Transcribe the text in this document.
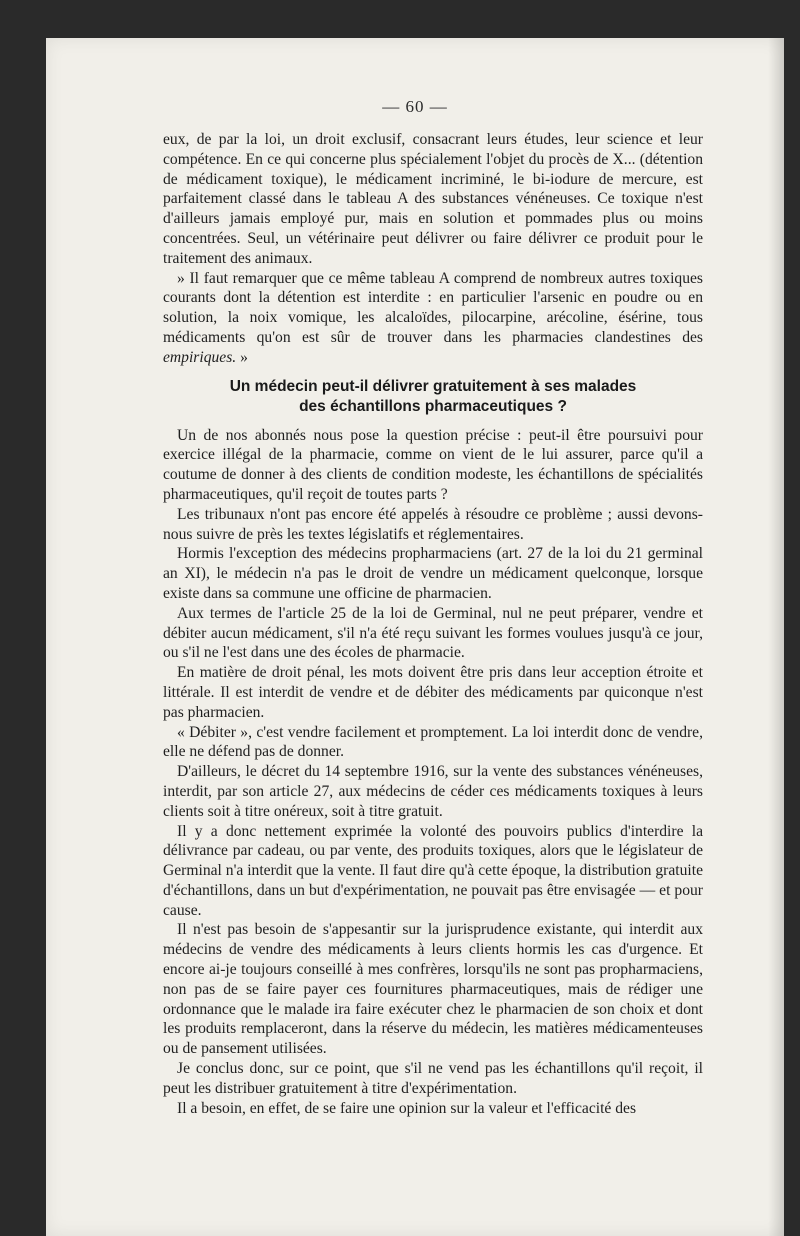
— 60 —

eux, de par la loi, un droit exclusif, consacrant leurs études, leur science et leur compétence. En ce qui concerne plus spécialement l'objet du procès de X... (détention de médicament toxique), le médicament incriminé, le bi-iodure de mercure, est parfaitement classé dans le tableau A des substances vénéneuses. Ce toxique n'est d'ailleurs jamais employé pur, mais en solution et pommades plus ou moins concentrées. Seul, un vétérinaire peut délivrer ou faire délivrer ce produit pour le traitement des animaux.

» Il faut remarquer que ce même tableau A comprend de nombreux autres toxiques courants dont la détention est interdite : en particulier l'arsenic en poudre ou en solution, la noix vomique, les alcaloïdes, pilocarpine, arécoline, ésérine, tous médicaments qu'on est sûr de trouver dans les pharmacies clandestines des empiriques. »

Un médecin peut-il délivrer gratuitement à ses malades
des échantillons pharmaceutiques ?

Un de nos abonnés nous pose la question précise : peut-il être poursuivi pour exercice illégal de la pharmacie, comme on vient de le lui assurer, parce qu'il a coutume de donner à des clients de condition modeste, les échantillons de spécialités pharmaceutiques, qu'il reçoit de toutes parts ?

Les tribunaux n'ont pas encore été appelés à résoudre ce problème ; aussi devons-nous suivre de près les textes législatifs et réglementaires.

Hormis l'exception des médecins propharmaciens (art. 27 de la loi du 21 germinal an XI), le médecin n'a pas le droit de vendre un médicament quelconque, lorsque existe dans sa commune une officine de pharmacien.

Aux termes de l'article 25 de la loi de Germinal, nul ne peut préparer, vendre et débiter aucun médicament, s'il n'a été reçu suivant les formes voulues jusqu'à ce jour, ou s'il ne l'est dans une des écoles de pharmacie.

En matière de droit pénal, les mots doivent être pris dans leur acception étroite et littérale. Il est interdit de vendre et de débiter des médicaments par quiconque n'est pas pharmacien.

« Débiter », c'est vendre facilement et promptement. La loi interdit donc de vendre, elle ne défend pas de donner.

D'ailleurs, le décret du 14 septembre 1916, sur la vente des substances vénéneuses, interdit, par son article 27, aux médecins de céder ces médicaments toxiques à leurs clients soit à titre onéreux, soit à titre gratuit.

Il y a donc nettement exprimée la volonté des pouvoirs publics d'interdire la délivrance par cadeau, ou par vente, des produits toxiques, alors que le législateur de Germinal n'a interdit que la vente. Il faut dire qu'à cette époque, la distribution gratuite d'échantillons, dans un but d'expérimentation, ne pouvait pas être envisagée — et pour cause.

Il n'est pas besoin de s'appesantir sur la jurisprudence existante, qui interdit aux médecins de vendre des médicaments à leurs clients hormis les cas d'urgence. Et encore ai-je toujours conseillé à mes confrères, lorsqu'ils ne sont pas propharmaciens, non pas de se faire payer ces fournitures pharmaceutiques, mais de rédiger une ordonnance que le malade ira faire exécuter chez le pharmacien de son choix et dont les produits remplaceront, dans la réserve du médecin, les matières médicamenteuses ou de pansement utilisées.

Je conclus donc, sur ce point, que s'il ne vend pas les échantillons qu'il reçoit, il peut les distribuer gratuitement à titre d'expérimentation.

Il a besoin, en effet, de se faire une opinion sur la valeur et l'efficacité des
